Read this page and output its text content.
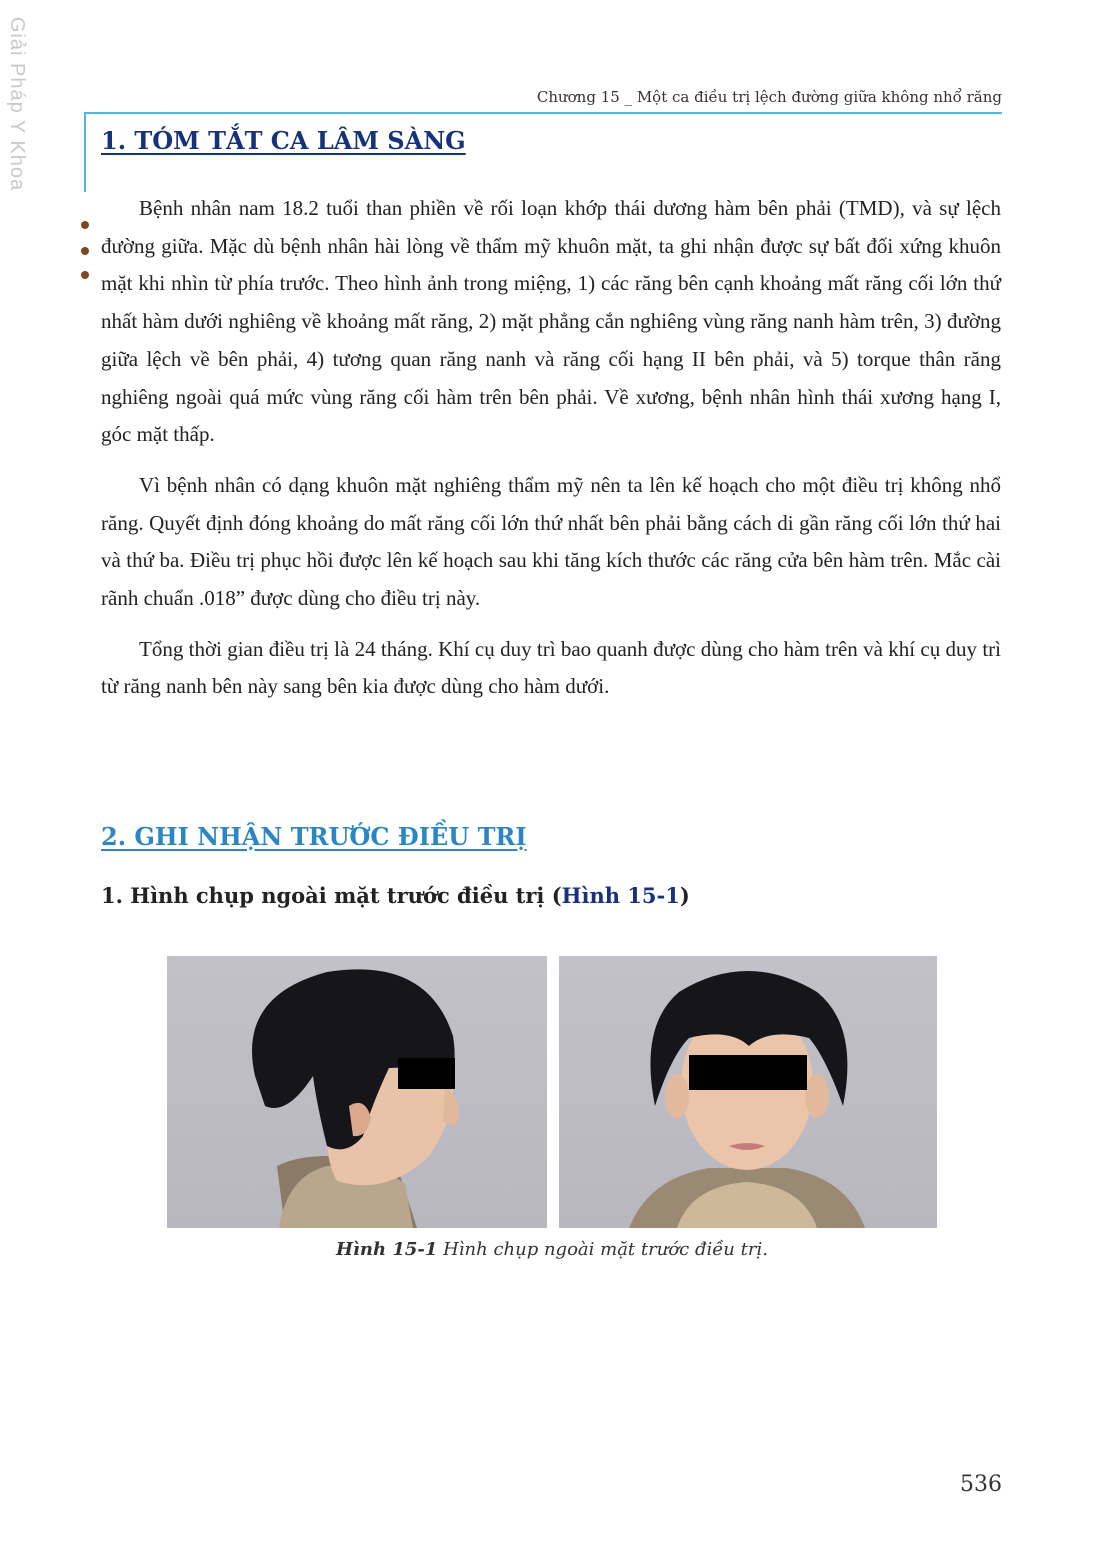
Giải Pháp Y Khoa	Chương 15 _ Một ca điều trị lệch đường giữa không nhổ răng
1. TÓM TẮT CA LÂM SÀNG

Bệnh nhân nam 18.2 tuổi than phiền về rối loạn khớp thái dương hàm bên phải (TMD), và sự lệch đường giữa. Mặc dù bệnh nhân hài lòng về thẩm mỹ khuôn mặt, ta ghi nhận được sự bất đối xứng khuôn mặt khi nhìn từ phía trước. Theo hình ảnh trong miệng, 1) các răng bên cạnh khoảng mất răng cối lớn thứ nhất hàm dưới nghiêng về khoảng mất răng, 2) mặt phẳng cắn nghiêng vùng răng nanh hàm trên, 3) đường giữa lệch về bên phải, 4) tương quan răng nanh và răng cối hạng II bên phải, và 5) torque thân răng nghiêng ngoài quá mức vùng răng cối hàm trên bên phải. Về xương, bệnh nhân hình thái xương hạng I, góc mặt thấp.

Vì bệnh nhân có dạng khuôn mặt nghiêng thẩm mỹ nên ta lên kế hoạch cho một điều trị không nhổ răng. Quyết định đóng khoảng do mất răng cối lớn thứ nhất bên phải bằng cách di gần răng cối lớn thứ hai và thứ ba. Điều trị phục hồi được lên kế hoạch sau khi tăng kích thước các răng cửa bên hàm trên. Mắc cài rãnh chuẩn .018” được dùng cho điều trị này.

Tổng thời gian điều trị là 24 tháng. Khí cụ duy trì bao quanh được dùng cho hàm trên và khí cụ duy trì từ răng nanh bên này sang bên kia được dùng cho hàm dưới.

2. GHI NHẬN TRƯỚC ĐIỀU TRỊ
1. Hình chụp ngoài mặt trước điều trị (Hình 15-1)
Hình 15-1 Hình chụp ngoài mặt trước điều trị.
536
